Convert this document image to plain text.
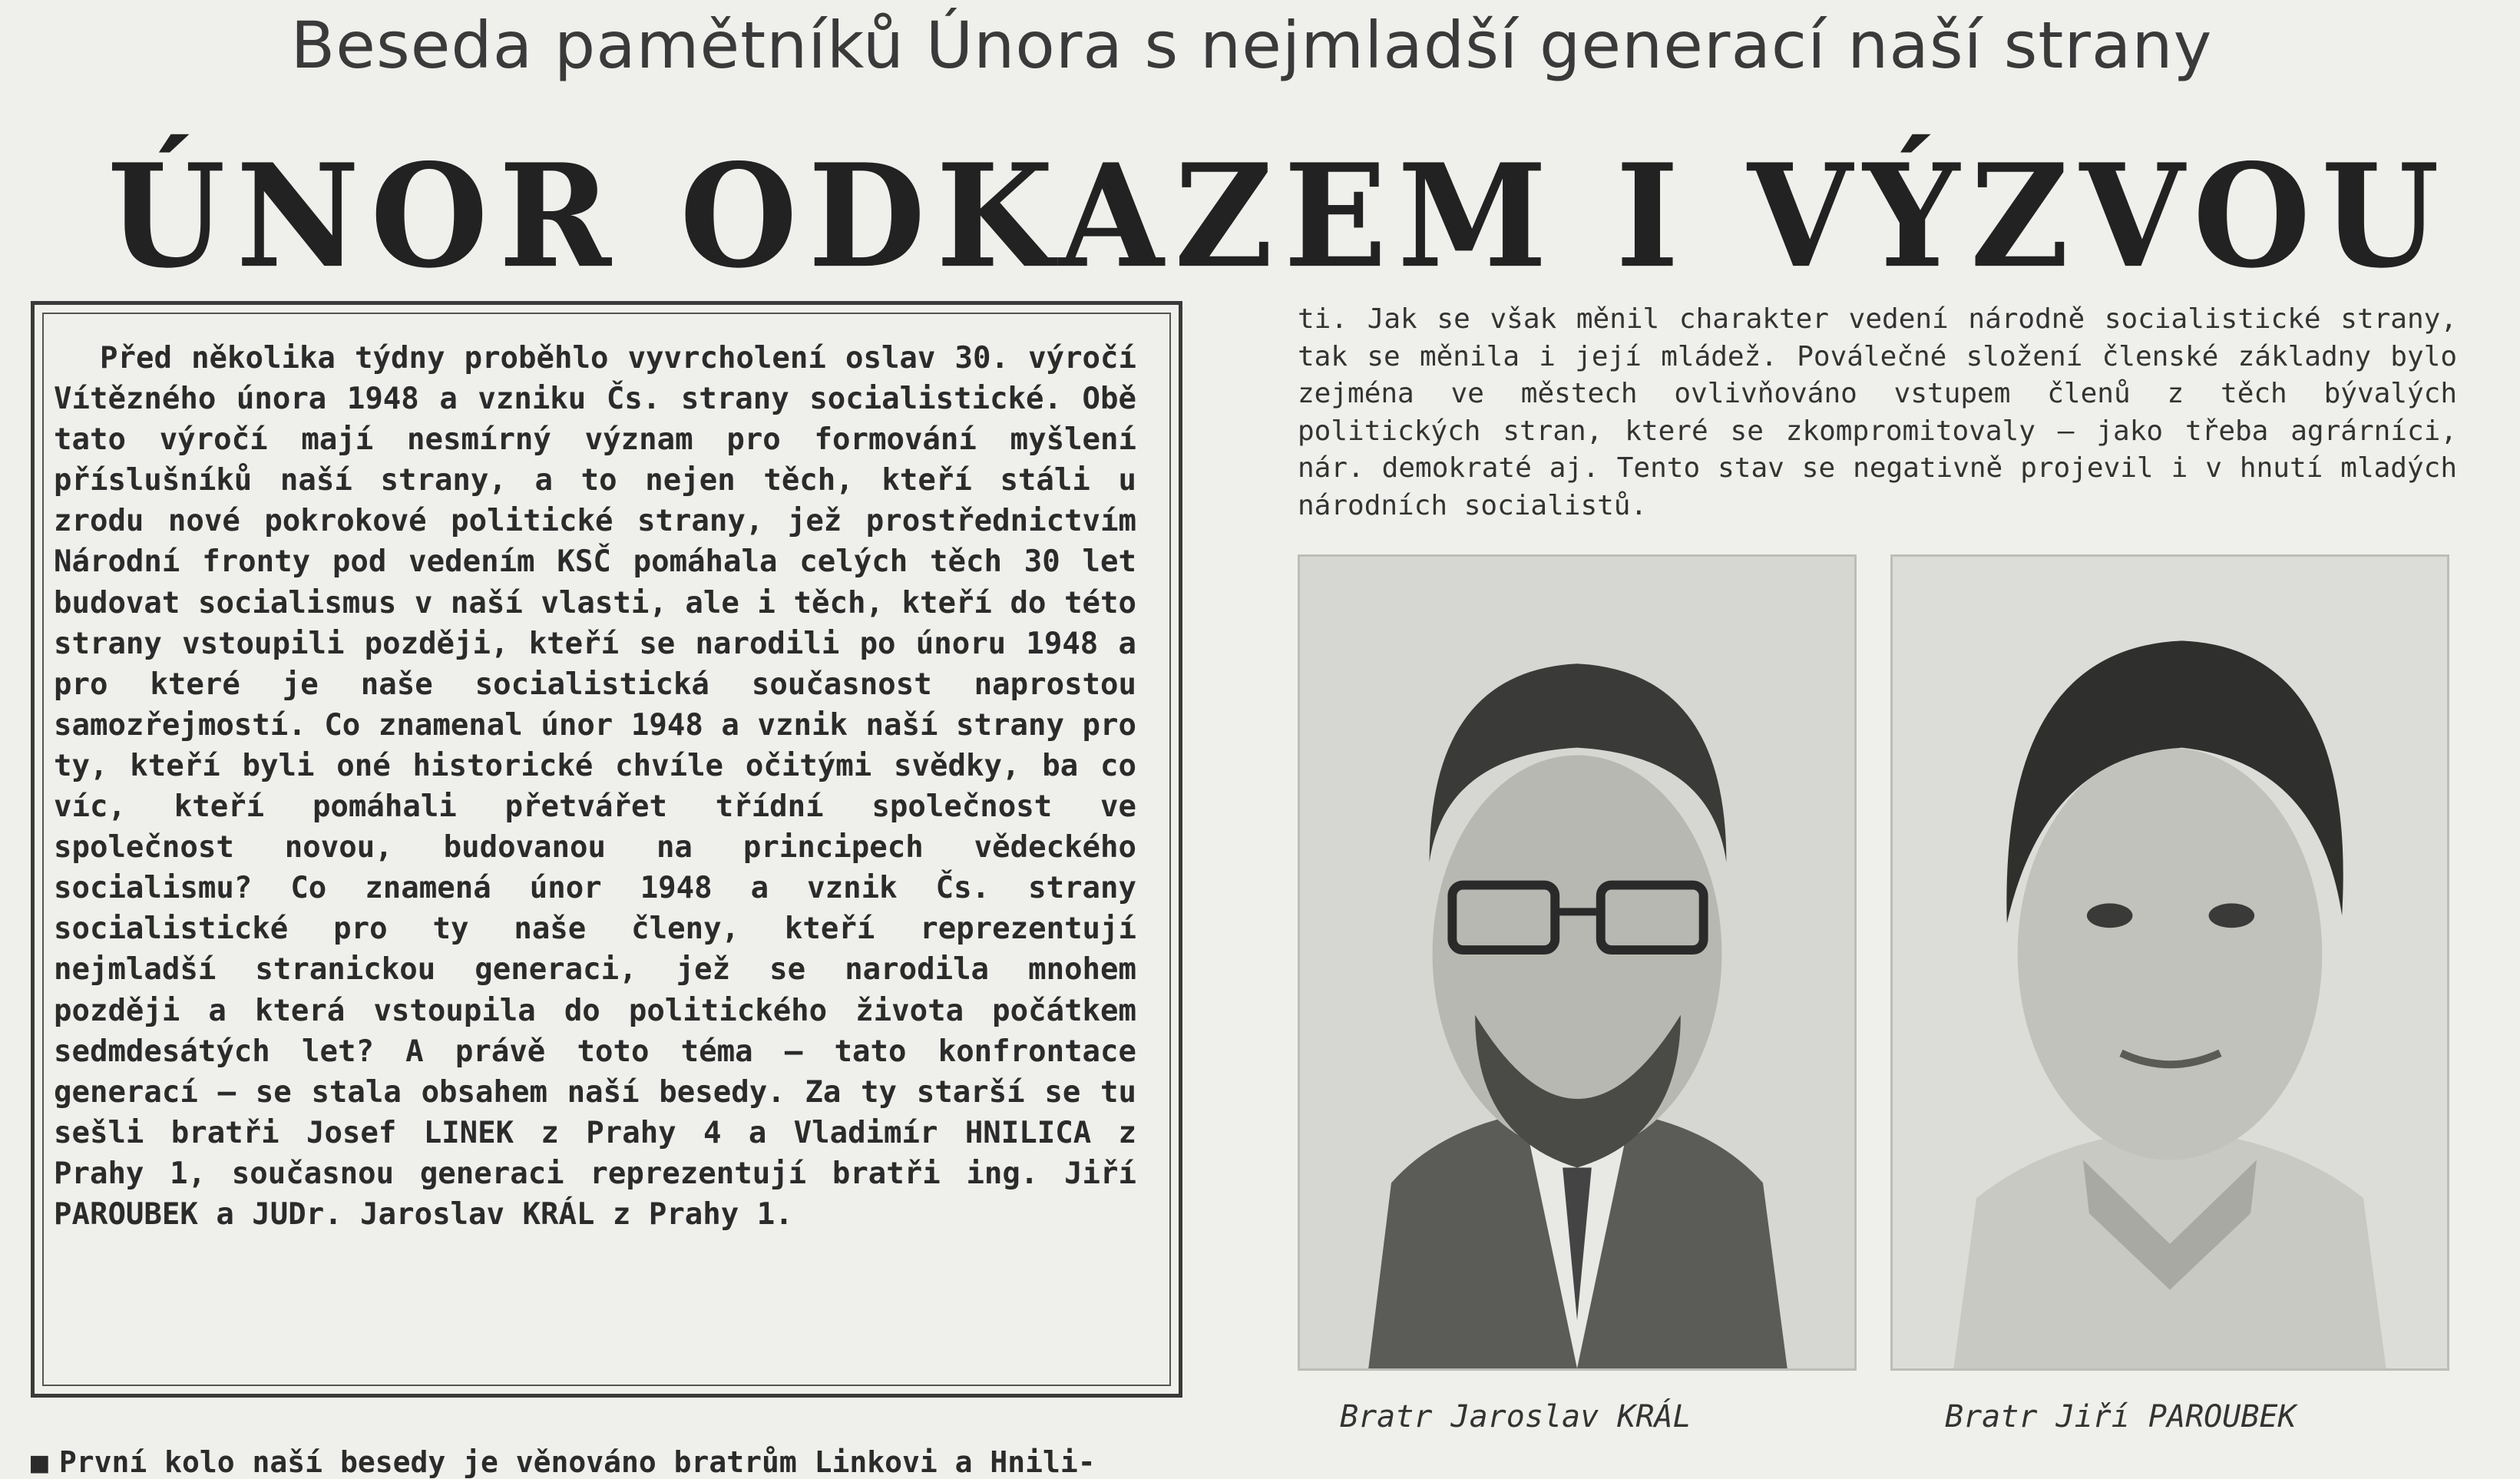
Beseda pamětníků Února s nejmladší generací naší strany
ÚNOR ODKAZEM I VÝZVOU

Před několika týdny proběhlo vyvrcholení oslav 30. výročí Vítězného února 1948 a vzniku Čs. strany socialistické. Obě tato výročí mají nesmírný význam pro formování myšlení příslušníků naší strany, a to nejen těch, kteří stáli u zrodu nové pokrokové politické strany, jež prostřednictvím Národní fronty pod vedením KSČ pomáhala celých těch 30 let budovat socialismus v naší vlasti, ale i těch, kteří do této strany vstoupili později, kteří se narodili po únoru 1948 a pro které je naše socialistická současnost naprostou samozřejmostí. Co znamenal únor 1948 a vznik naší strany pro ty, kteří byli oné historické chvíle očitými svědky, ba co víc, kteří pomáhali přetvářet třídní společnost ve společnost novou, budovanou na principech vědeckého socialismu? Co znamená únor 1948 a vznik Čs. strany socialistické pro ty naše členy, kteří reprezentují nejmladší stranickou generaci, jež se narodila mnohem později a která vstoupila do politického života počátkem sedmdesátých let? A právě toto téma — tato konfrontace generací — se stala obsahem naší besedy. Za ty starší se tu sešli bratři Josef LINEK z Prahy 4 a Vladimír HNILICA z Prahy 1, současnou generaci reprezentují bratři ing. Jiří PAROUBEK a JUDr. Jaroslav KRÁL z Prahy 1.

ti. Jak se však měnil charakter vedení národně socialistické strany, tak se měnila i její mládež. Poválečné složení členské základny bylo zejména ve městech ovlivňováno vstupem členů z těch bývalých politických stran, které se zkompromitovaly — jako třeba agrárníci, nár. demokraté aj. Tento stav se negativně projevil i v hnutí mladých národních socialistů.

Bratr Jaroslav KRÁL	Bratr Jiří PAROUBEK
■ První kolo naší besedy je věnováno bratrům Linkovi a Hnili-
